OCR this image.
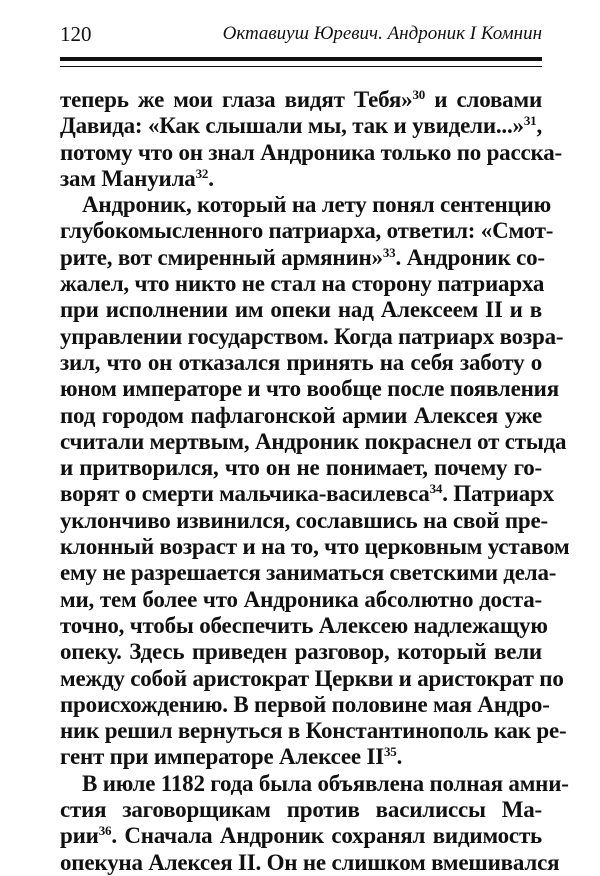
120	Октавиуш Юревич. Андроник I Комнин
теперь же мои глаза видят Тебя»$^{30}$ и словами
Давида: «Как слышали мы, так и увидели...»$^{31}$,
потому что он знал Андроника только по расска-
зам Мануила$^{32}$.
Андроник, который на лету понял сентенцию
глубокомысленного патриарха, ответил: «Смот-
рите, вот смиренный армянин»$^{33}$. Андроник со-
жалел, что никто не стал на сторону патриарха
при исполнении им опеки над Алексеем II и в
управлении государством. Когда патриарх возра-
зил, что он отказался принять на себя заботу о
юном императоре и что вообще после появления
под городом пафлагонской армии Алексея уже
считали мертвым, Андроник покраснел от стыда
и притворился, что он не понимает, почему го-
ворят о смерти мальчика-василевса$^{34}$. Патриарх
уклончиво извинился, сославшись на свой пре-
клонный возраст и на то, что церковным уставом
ему не разрешается заниматься светскими дела-
ми, тем более что Андроника абсолютно доста-
точно, чтобы обеспечить Алексею надлежащую
опеку. Здесь приведен разговор, который вели
между собой аристократ Церкви и аристократ по
происхождению. В первой половине мая Андро-
ник решил вернуться в Константинополь как ре-
гент при императоре Алексее II$^{35}$.
В июле 1182 года была объявлена полная амни-
стия заговорщикам против василиссы Ма-
рии$^{36}$. Сначала Андроник сохранял видимость
опекуна Алексея II. Он не слишком вмешивался
